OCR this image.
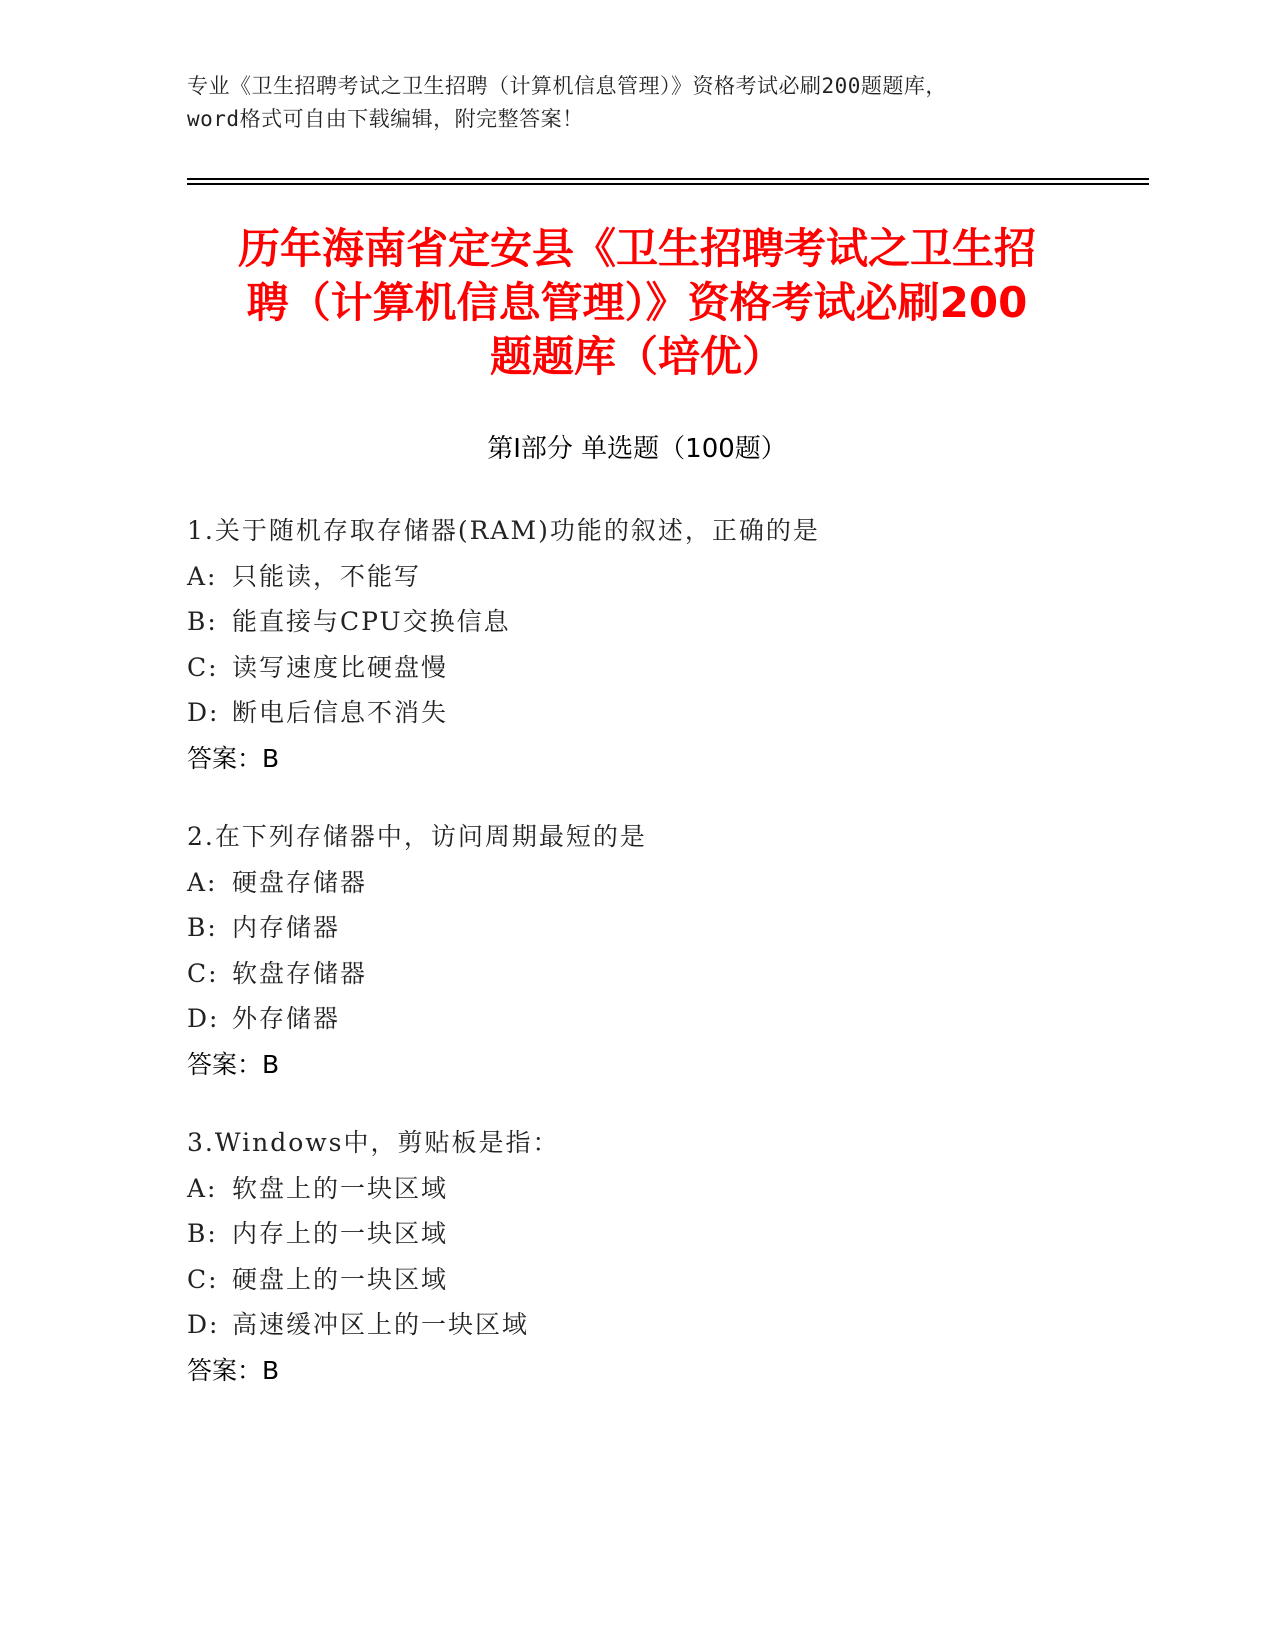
专业《卫生招聘考试之卫生招聘（计算机信息管理）》资格考试必刷200题题库，
word格式可自由下载编辑，附完整答案！
历年海南省定安县《卫生招聘考试之卫生招
聘（计算机信息管理）》资格考试必刷200
题题库（培优）
第Ⅰ部分 单选题（100题）
1.关于随机存取存储器(RAM)功能的叙述，正确的是
A: 只能读，不能写
B: 能直接与CPU交换信息
C: 读写速度比硬盘慢
D: 断电后信息不消失
答案：B
2.在下列存储器中，访问周期最短的是
A: 硬盘存储器
B: 内存储器
C: 软盘存储器
D: 外存储器
答案：B
3.Windows中，剪贴板是指：
A: 软盘上的一块区域
B: 内存上的一块区域
C: 硬盘上的一块区域
D: 高速缓冲区上的一块区域
答案：B
